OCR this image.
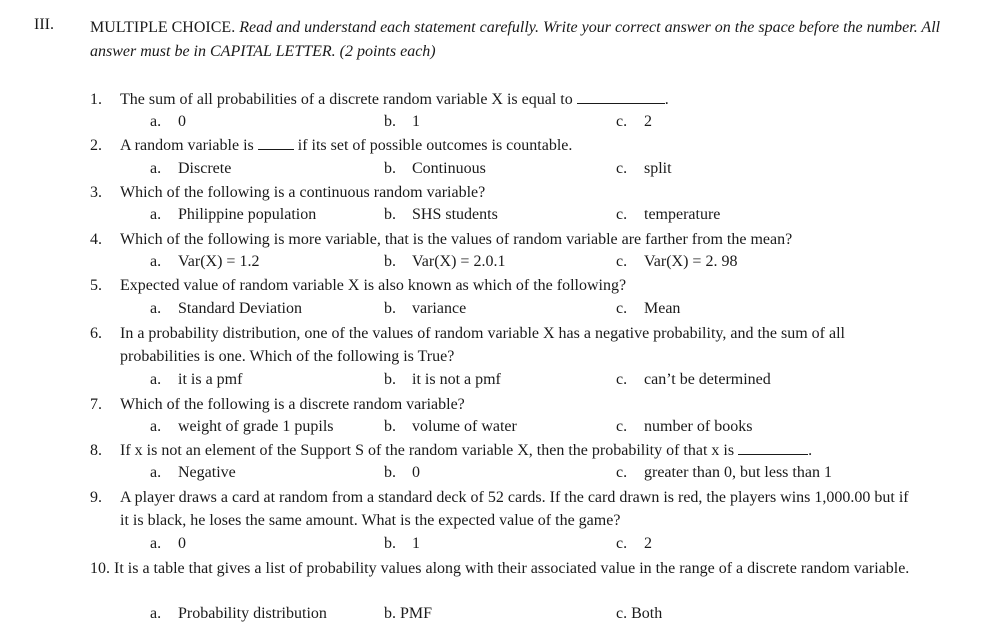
III. MULTIPLE CHOICE. Read and understand each statement carefully. Write your correct answer on the space before the number. All answer must be in CAPITAL LETTER. (2 points each)
1.	The sum of all probabilities of a discrete random variable X is equal to	.
a. 0	b. 1	c. 2
2.	A random variable is	if its set of possible outcomes is countable.
a. Discrete	b. Continuous	c. split
3.	Which of the following is a continuous random variable?
a. Philippine population	b. SHS students	c. temperature
4.	Which of the following is more variable, that is the values of random variable are farther from the mean?
a. Var(X) = 1.2	b. Var(X) = 2.0.1	c. Var(X) = 2. 98
5.	Expected value of random variable X is also known as which of the following?
a. Standard Deviation	b. variance	c. Mean
6.	In a probability distribution, one of the values of random variable X has a negative probability, and the sum of all probabilities is one. Which of the following is True?
a. it is a pmf	b. it is not a pmf	c. can’t be determined
7.	Which of the following is a discrete random variable?
a. weight of grade 1 pupils	b. volume of water	c. number of books
8.	If x is not an element of the Support S of the random variable X, then the probability of that x is	.
a. Negative	b. 0	c. greater than 0, but less than 1
9.	A player draws a card at random from a standard deck of 52 cards. If the card drawn is red, the players wins 1,000.00 but if it is black, he loses the same amount. What is the expected value of the game?
a. 0	b. 1	c. 2
10. It is a table that gives a list of probability values along with their associated value in the range of a discrete random variable.
a. Probability distribution	b. PMF	c. Both
